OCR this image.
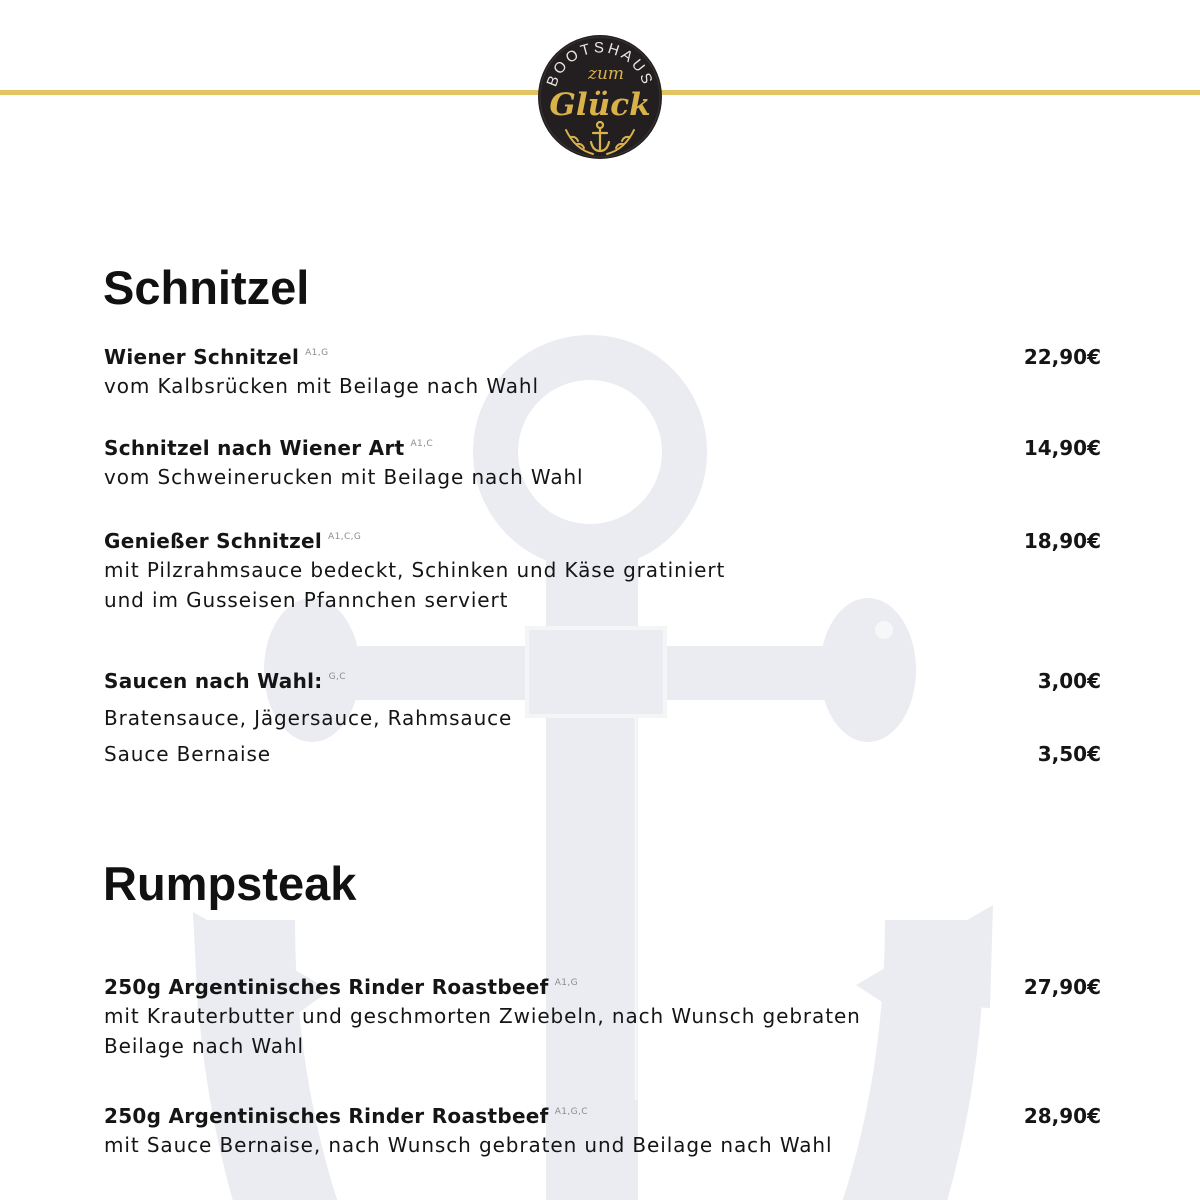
BOOTSHAUS
zum
Glück
Schnitzel
Wiener Schnitzel $^{A1,G}$	22,90€
vom Kalbsrücken mit Beilage nach Wahl
Schnitzel nach Wiener Art $^{A1,C}$	14,90€
vom Schweinerucken mit Beilage nach Wahl
Genießer Schnitzel $^{A1,C,G}$	18,90€
mit Pilzrahmsauce bedeckt, Schinken und Käse gratiniert
und im Gusseisen Pfannchen serviert
Saucen nach Wahl: $^{G,C}$	3,00€
Bratensauce, Jägersauce, Rahmsauce
Sauce Bernaise	3,50€
Rumpsteak
250g Argentinisches Rinder Roastbeef $^{A1,G}$	27,90€
mit Krauterbutter und geschmorten Zwiebeln, nach Wunsch gebraten
Beilage nach Wahl
250g Argentinisches Rinder Roastbeef $^{A1,G,C}$	28,90€
mit Sauce Bernaise, nach Wunsch gebraten und Beilage nach Wahl
